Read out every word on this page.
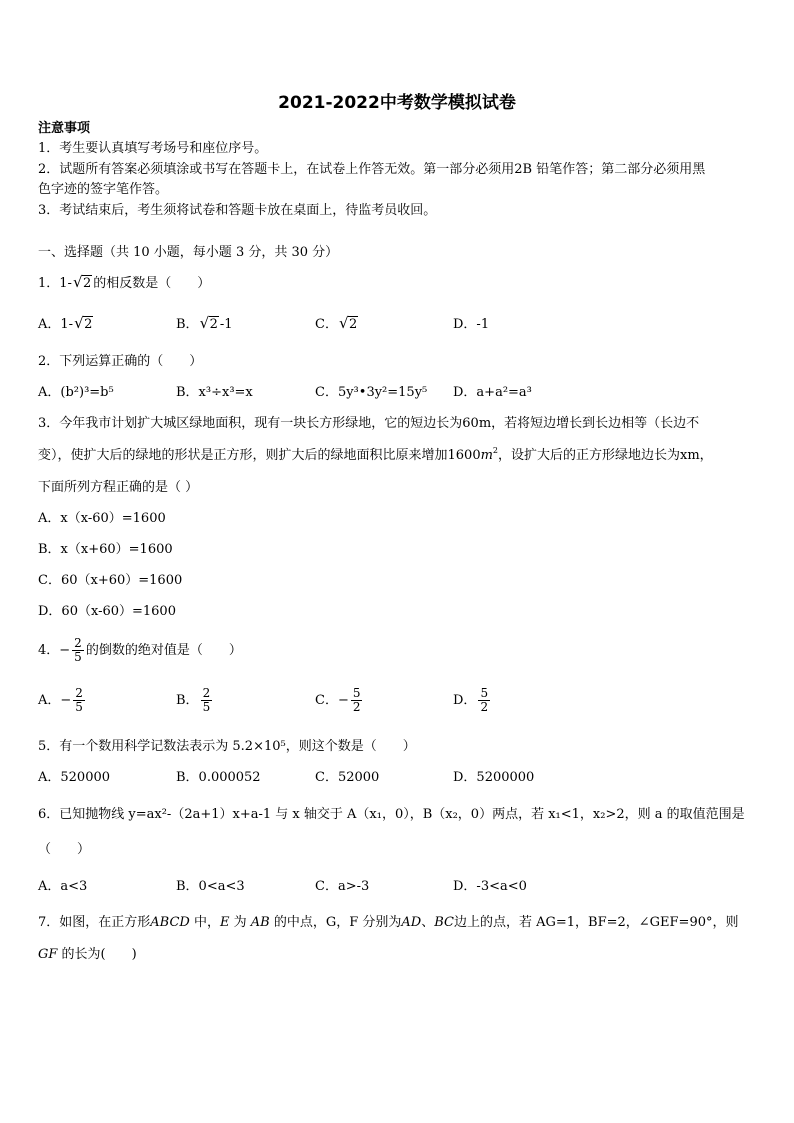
2021-2022中考数学模拟试卷
注意事项
1．考生要认真填写考场号和座位序号。
2．试题所有答案必须填涂或书写在答题卡上，在试卷上作答无效。第一部分必须用2B 铅笔作答；第二部分必须用黑
色字迹的签字笔作答。
3．考试结束后，考生须将试卷和答题卡放在桌面上，待监考员收回。
一、选择题（共 10 小题，每小题 3 分，共 30 分）
1．1- √ 2 的相反数是（　　）
A．1- √ 2	B． √ 2 -1	C． √ 2	D．-1
2．下列运算正确的（　　）
A．(b²)³=b⁵	B．x³÷x³=x	C．5y³•3y²=15y⁵ D．a+a²=a³
3．今年我市计划扩大城区绿地面积，现有一块长方形绿地，它的短边长为60m，若将短边增长到长边相等（长边不
变），使扩大后的绿地的形状是正方形，则扩大后的绿地面积比原来增加$1600m^2$，设扩大后的正方形绿地边长为xm，
下面所列方程正确的是（ ）
A．x（x-60）=1600
B．x（x+60）=1600
C．60（x+60）=1600
D．60（x-60）=1600
4．− $\frac{2}{5}$ 的倒数的绝对值是（　　）
A．− $\frac{2}{5}$	B． $\frac{2}{5}$	C．− $\frac{5}{2}$	D． $\frac{5}{2}$
5．有一个数用科学记数法表示为 5.2×10⁵，则这个数是（　　）
A．520000	B．0.000052	C．52000	D．5200000
6．已知抛物线 y=ax²-（2a+1）x+a-1 与 x 轴交于 A（x₁，0），B（x₂，0）两点，若 x₁<1，x₂>2，则 a 的取值范围是
（　　）
A．a<3	B．0<a<3	C．a>-3	D．-3<a<0
7．如图，在正方形ABCD 中，E 为 AB 的中点，G，F 分别为AD、BC边上的点，若 AG=1，BF=2，∠GEF=90°，则
GF 的长为(　　)
